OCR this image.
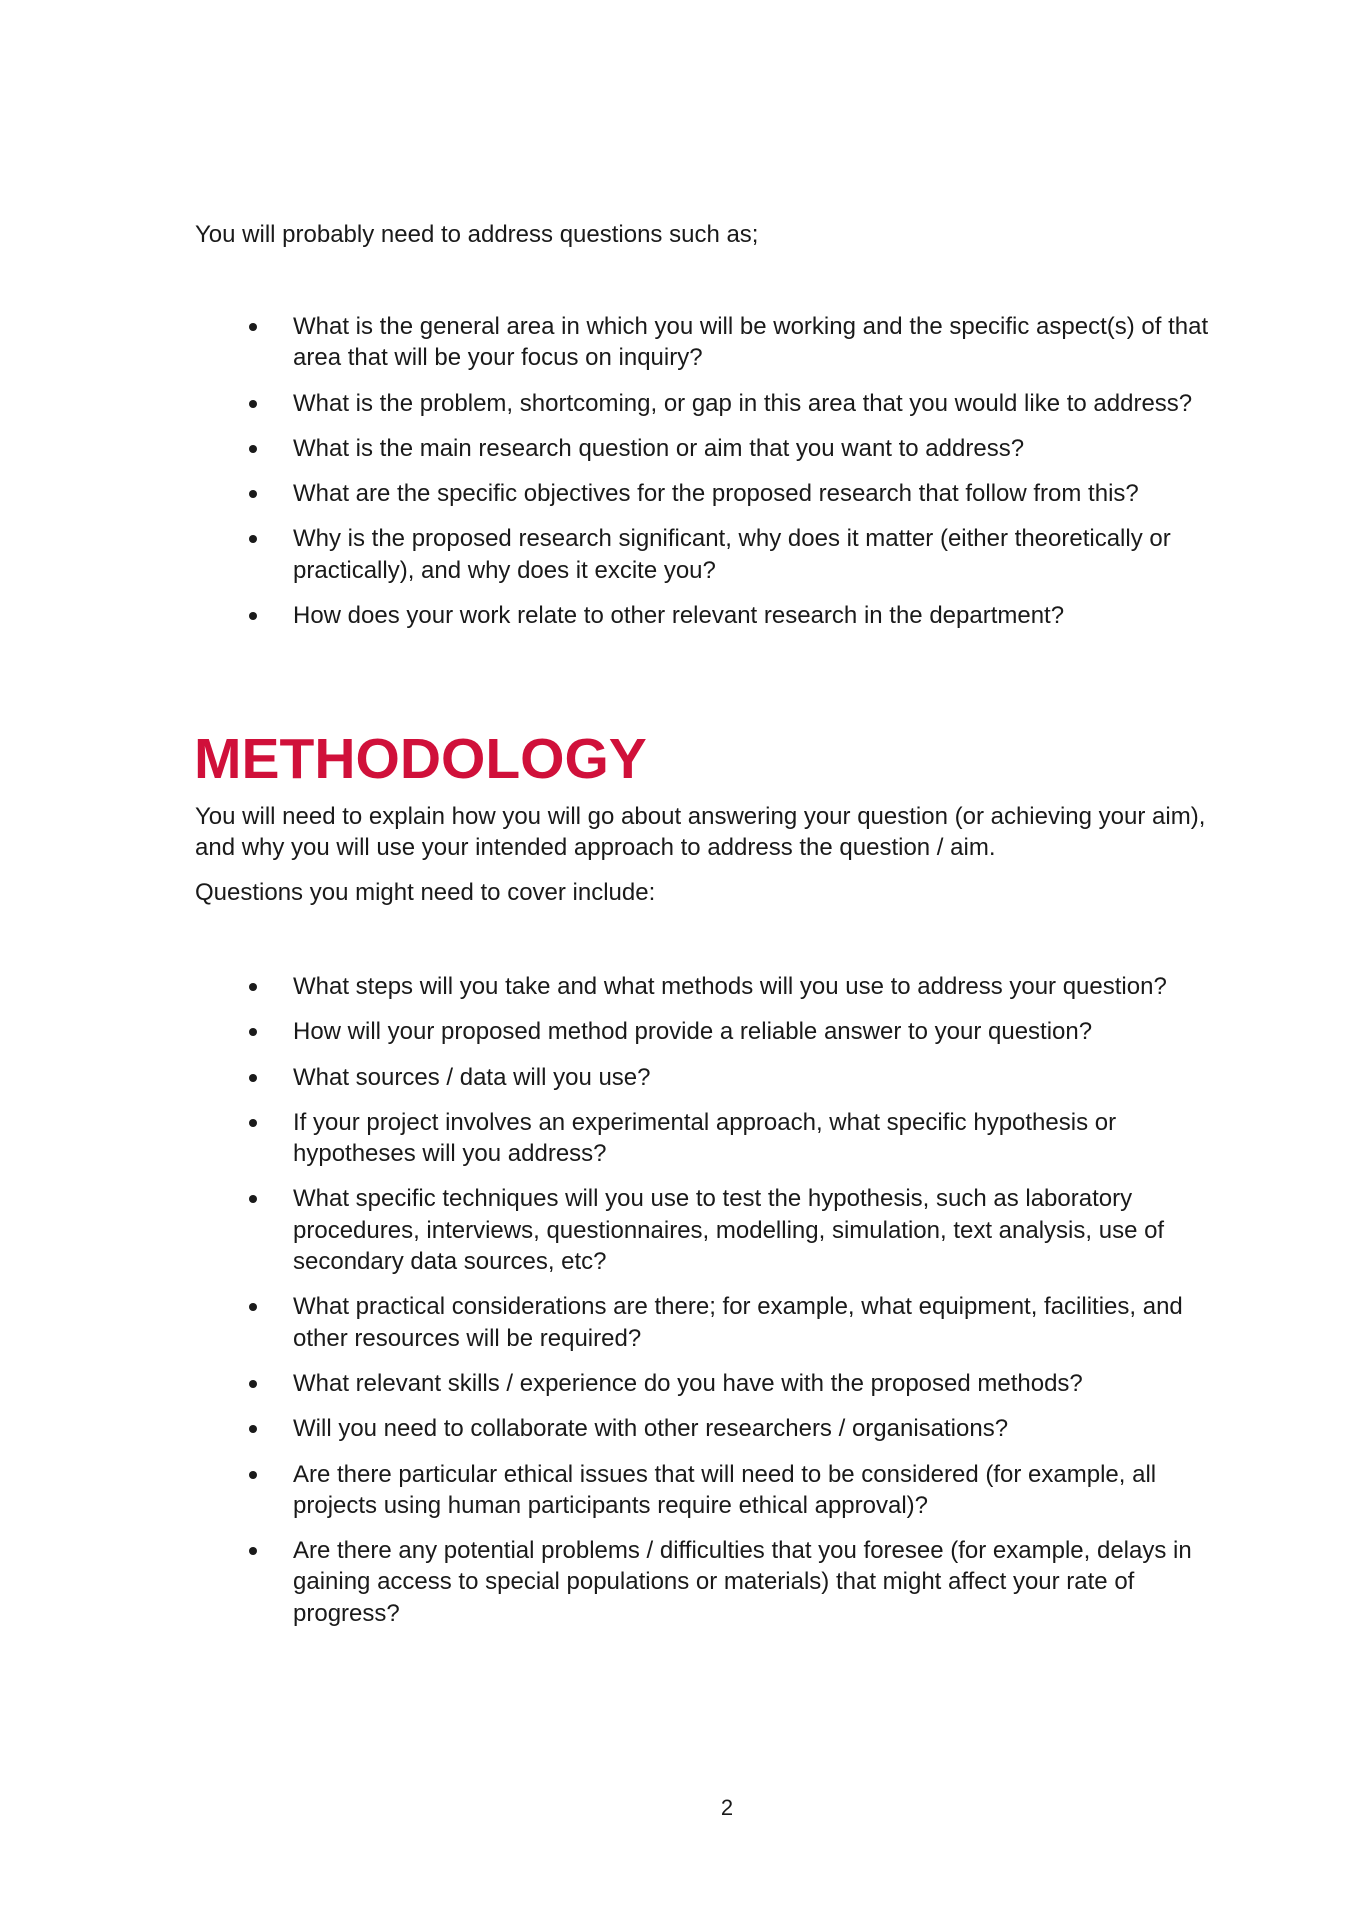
You will probably need to address questions such as;

What is the general area in which you will be working and the specific aspect(s) of that
area that will be your focus on inquiry?
What is the problem, shortcoming, or gap in this area that you would like to address?
What is the main research question or aim that you want to address?
What are the specific objectives for the proposed research that follow from this?
Why is the proposed research significant, why does it matter (either theoretically or
practically), and why does it excite you?
How does your work relate to other relevant research in the department?
METHODOLOGY

You will need to explain how you will go about answering your question (or achieving your aim),
and why you will use your intended approach to address the question / aim.

Questions you might need to cover include:

What steps will you take and what methods will you use to address your question?
How will your proposed method provide a reliable answer to your question?
What sources / data will you use?
If your project involves an experimental approach, what specific hypothesis or
hypotheses will you address?
What specific techniques will you use to test the hypothesis, such as laboratory
procedures, interviews, questionnaires, modelling, simulation, text analysis, use of
secondary data sources, etc?
What practical considerations are there; for example, what equipment, facilities, and
other resources will be required?
What relevant skills / experience do you have with the proposed methods?
Will you need to collaborate with other researchers / organisations?
Are there particular ethical issues that will need to be considered (for example, all
projects using human participants require ethical approval)?
Are there any potential problems / difficulties that you foresee (for example, delays in
gaining access to special populations or materials) that might affect your rate of
progress?
2
